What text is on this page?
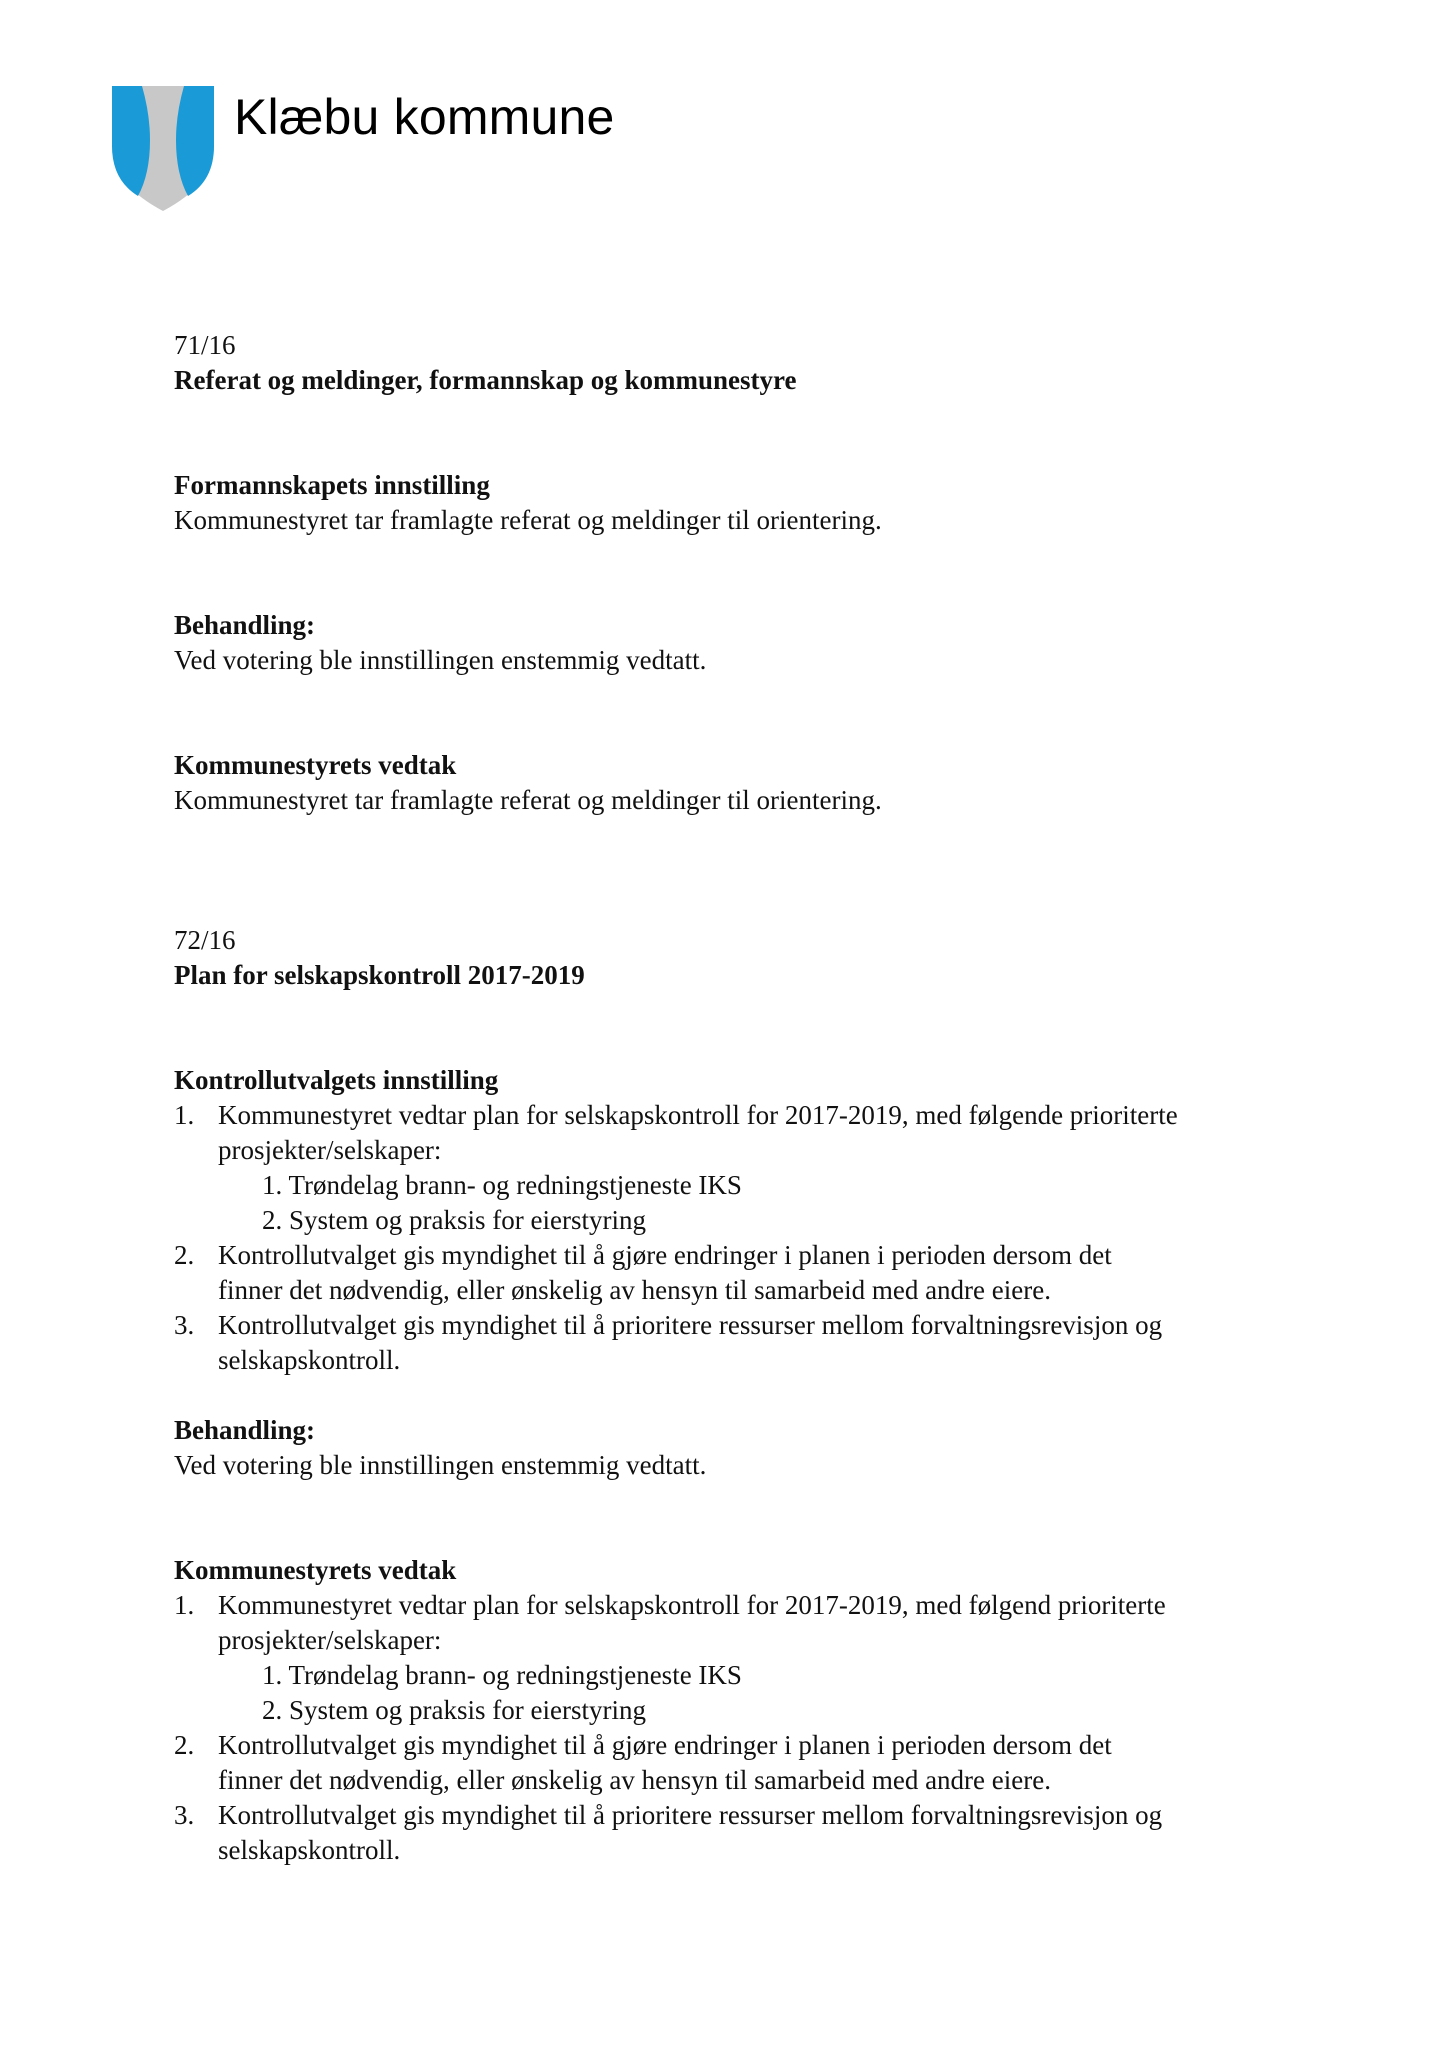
Klæbu kommune

71/16

Referat og meldinger, formannskap og kommunestyre

Formannskapets innstilling

Kommunestyret tar framlagte referat og meldinger til orientering.

Behandling:

Ved votering ble innstillingen enstemmig vedtatt.

Kommunestyrets vedtak

Kommunestyret tar framlagte referat og meldinger til orientering.

72/16

Plan for selskapskontroll 2017-2019

Kontrollutvalgets innstilling

1. Kommunestyret vedtar plan for selskapskontroll for 2017-2019, med følgende prioriterte
prosjekter/selskaper:
1. Trøndelag brann- og redningstjeneste IKS
2. System og praksis for eierstyring
2. Kontrollutvalget gis myndighet til å gjøre endringer i planen i perioden dersom det
finner det nødvendig, eller ønskelig av hensyn til samarbeid med andre eiere.
3. Kontrollutvalget gis myndighet til å prioritere ressurser mellom forvaltningsrevisjon og
selskapskontroll.

Behandling:

Ved votering ble innstillingen enstemmig vedtatt.

Kommunestyrets vedtak

1. Kommunestyret vedtar plan for selskapskontroll for 2017-2019, med følgend prioriterte
prosjekter/selskaper:
1. Trøndelag brann- og redningstjeneste IKS
2. System og praksis for eierstyring
2. Kontrollutvalget gis myndighet til å gjøre endringer i planen i perioden dersom det
finner det nødvendig, eller ønskelig av hensyn til samarbeid med andre eiere.
3. Kontrollutvalget gis myndighet til å prioritere ressurser mellom forvaltningsrevisjon og
selskapskontroll.
